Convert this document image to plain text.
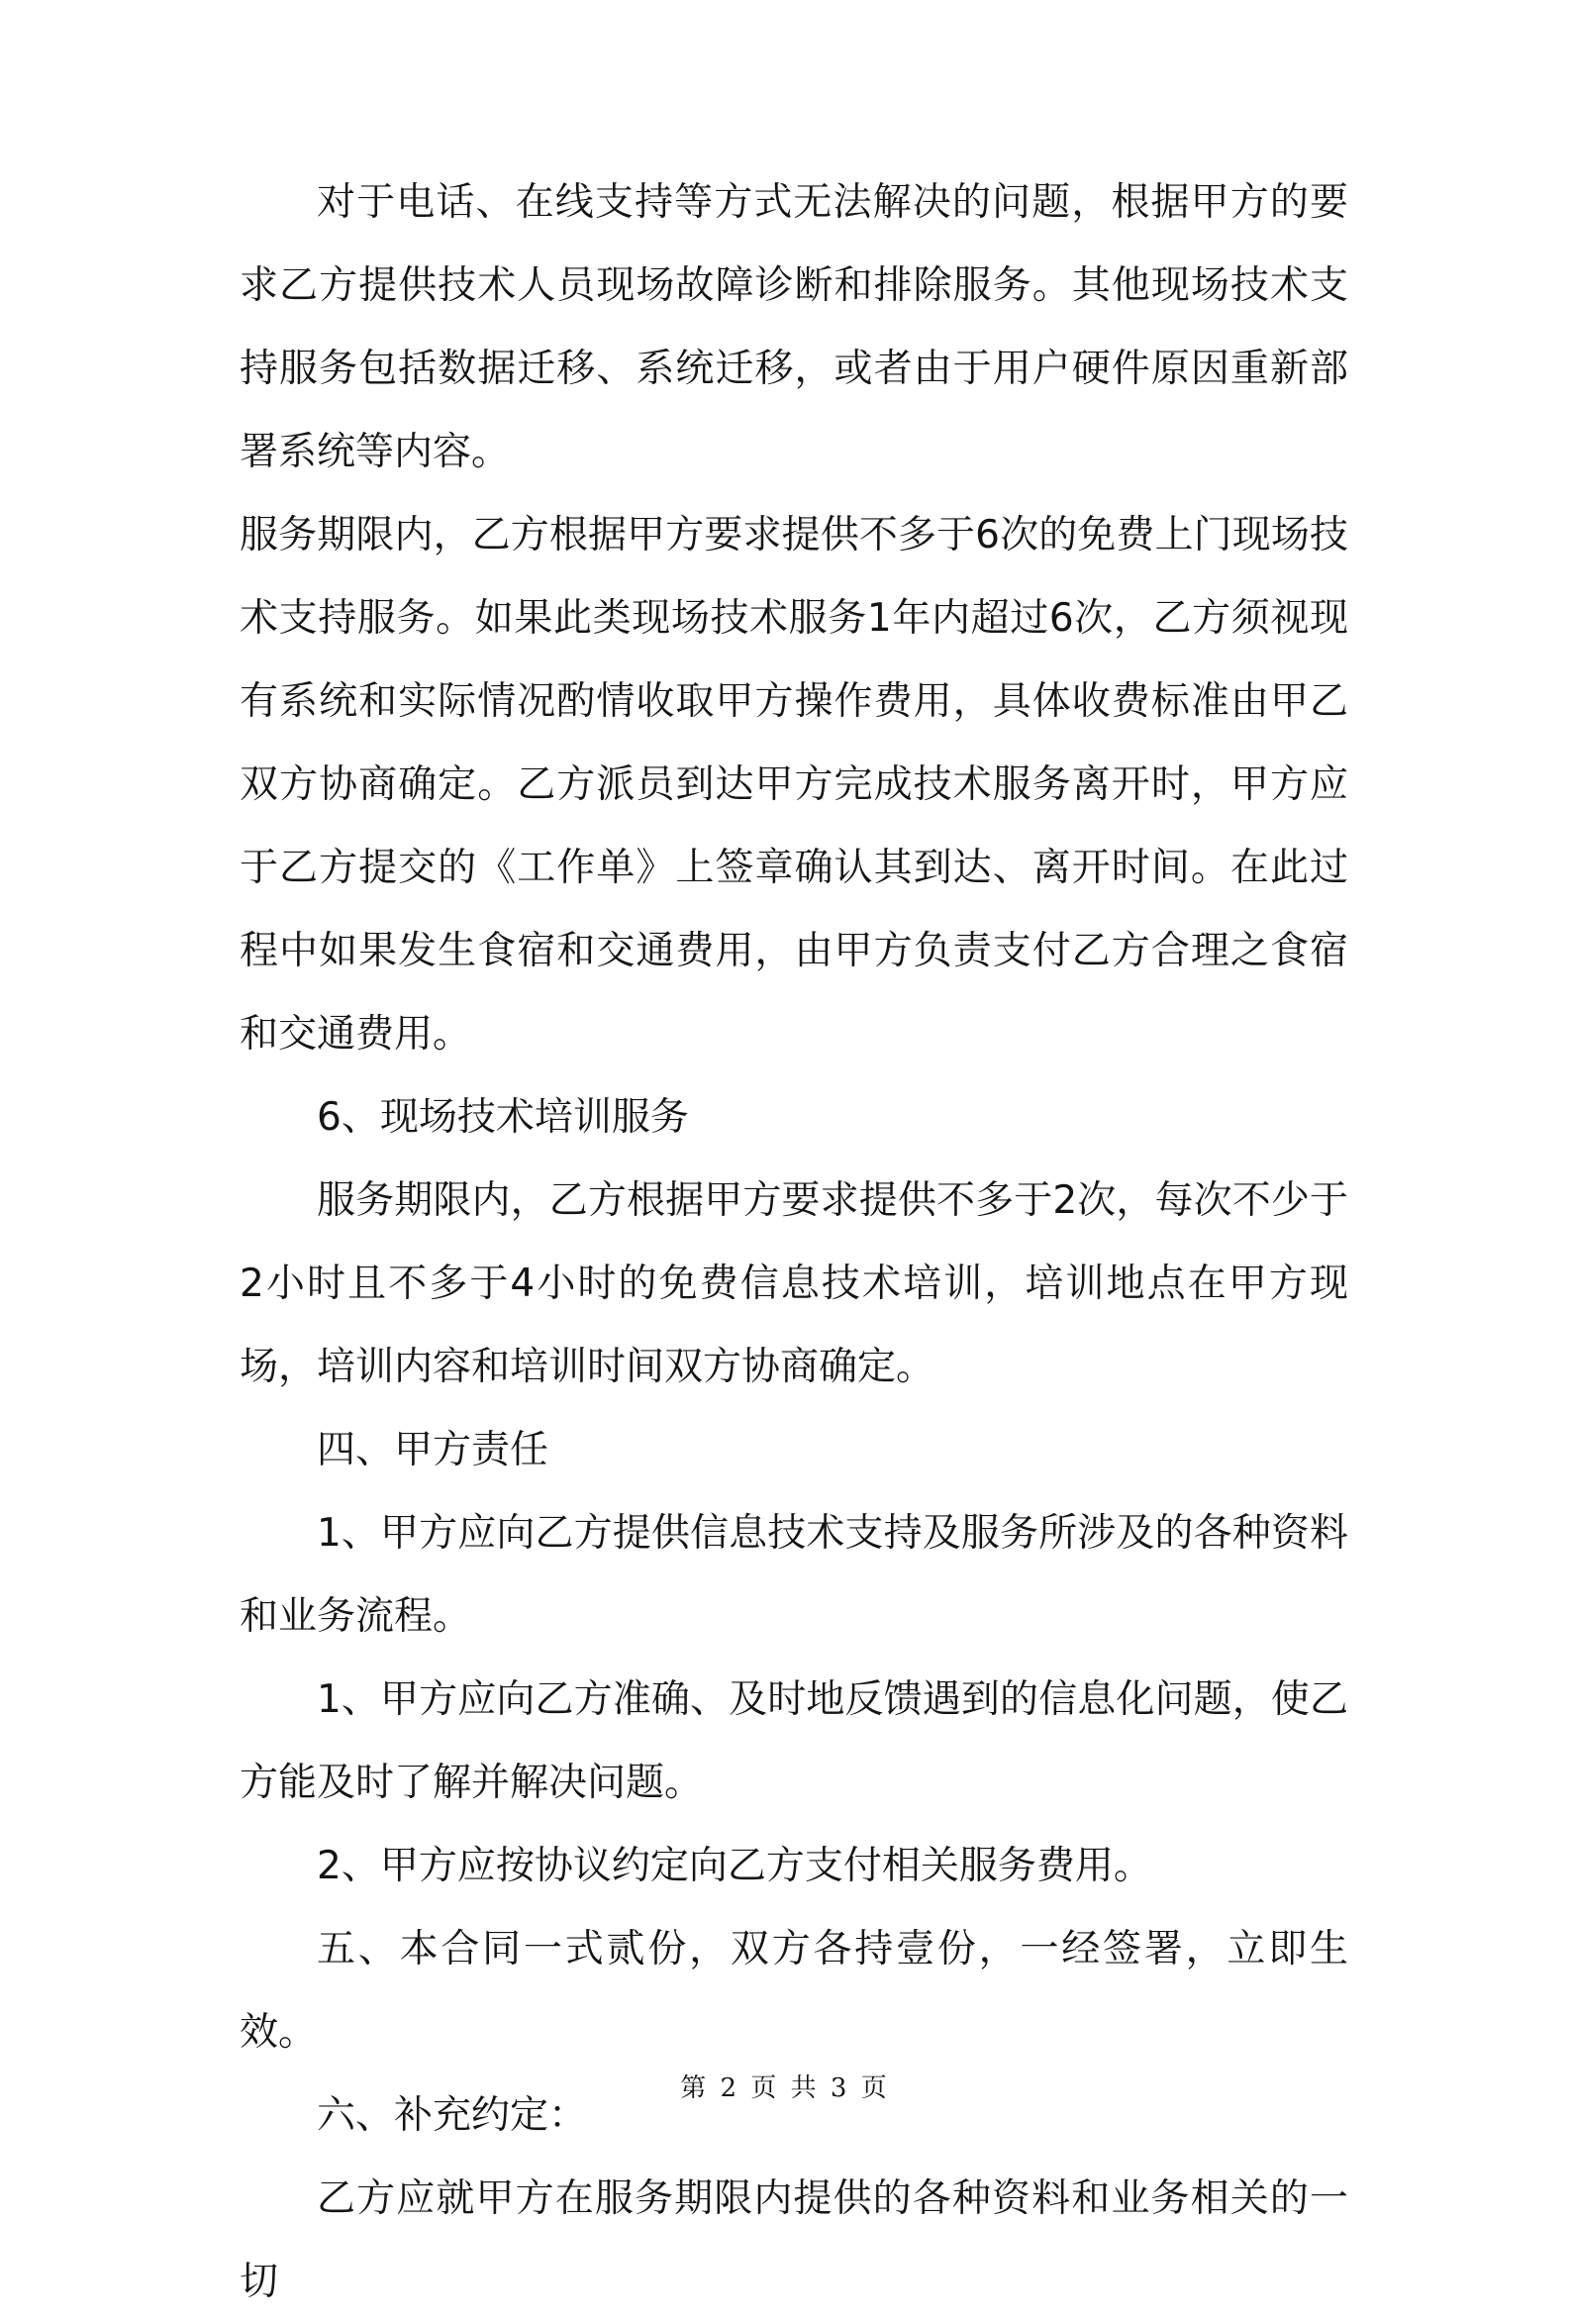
对于电话、在线支持等方式无法解决的问题，根据甲方的要求乙方提供技术人员现场故障诊断和排除服务。其他现场技术支持服务包括数据迁移、系统迁移，或者由于用户硬件原因重新部署系统等内容。

服务期限内，乙方根据甲方要求提供不多于6次的免费上门现场技术支持服务。如果此类现场技术服务1年内超过6次，乙方须视现有系统和实际情况酌情收取甲方操作费用，具体收费标准由甲乙双方协商确定。乙方派员到达甲方完成技术服务离开时，甲方应于乙方提交的《工作单》上签章确认其到达、离开时间。在此过程中如果发生食宿和交通费用，由甲方负责支付乙方合理之食宿和交通费用。

6、现场技术培训服务

服务期限内，乙方根据甲方要求提供不多于2次，每次不少于2小时且不多于4小时的免费信息技术培训，培训地点在甲方现场，培训内容和培训时间双方协商确定。

四、甲方责任

1、甲方应向乙方提供信息技术支持及服务所涉及的各种资料和业务流程。

1、甲方应向乙方准确、及时地反馈遇到的信息化问题，使乙方能及时了解并解决问题。

2、甲方应按协议约定向乙方支付相关服务费用。

五、本合同一式贰份，双方各持壹份，一经签署，立即生效。

六、补充约定：

乙方应就甲方在服务期限内提供的各种资料和业务相关的一切

第 2 页 共 3 页
